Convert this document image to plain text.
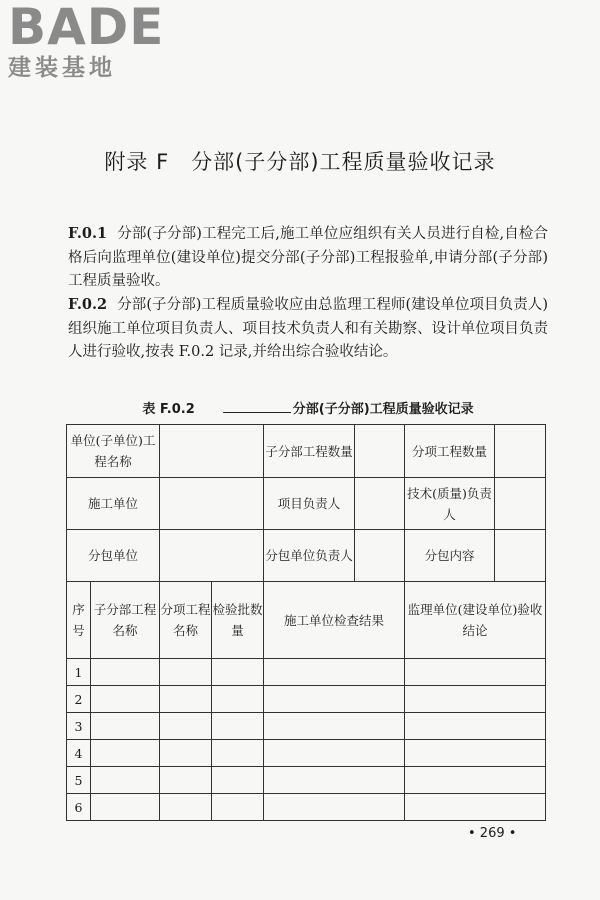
BADE
建装基地
附录 F　分部(子分部)工程质量验收记录
F.0.1 分部(子分部)工程完工后,施工单位应组织有关人员进行自检,自检合格后向监理单位(建设单位)提交分部(子分部)工程报验单,申请分部(子分部)工程质量验收。
F.0.2 分部(子分部)工程质量验收应由总监理工程师(建设单位项目负责人)组织施工单位项目负责人、项目技术负责人和有关勘察、设计单位项目负责人进行验收,按表 F.0.2 记录,并给出综合验收结论。
表 F.0.2	分部(子分部)工程质量验收记录
单位(子单位)工程名称				子分部工程数量		分项工程数量	
施工单位				项目负责人		技术(质量)负责人	
分包单位				分包单位负责人		分包内容	
序号	子分部工程名称	分项工程名称	检验批数量	施工单位检查结果		监理单位(建设单位)验收结论	
1							
2							
3							
4							
5							
6							
• 269 •
